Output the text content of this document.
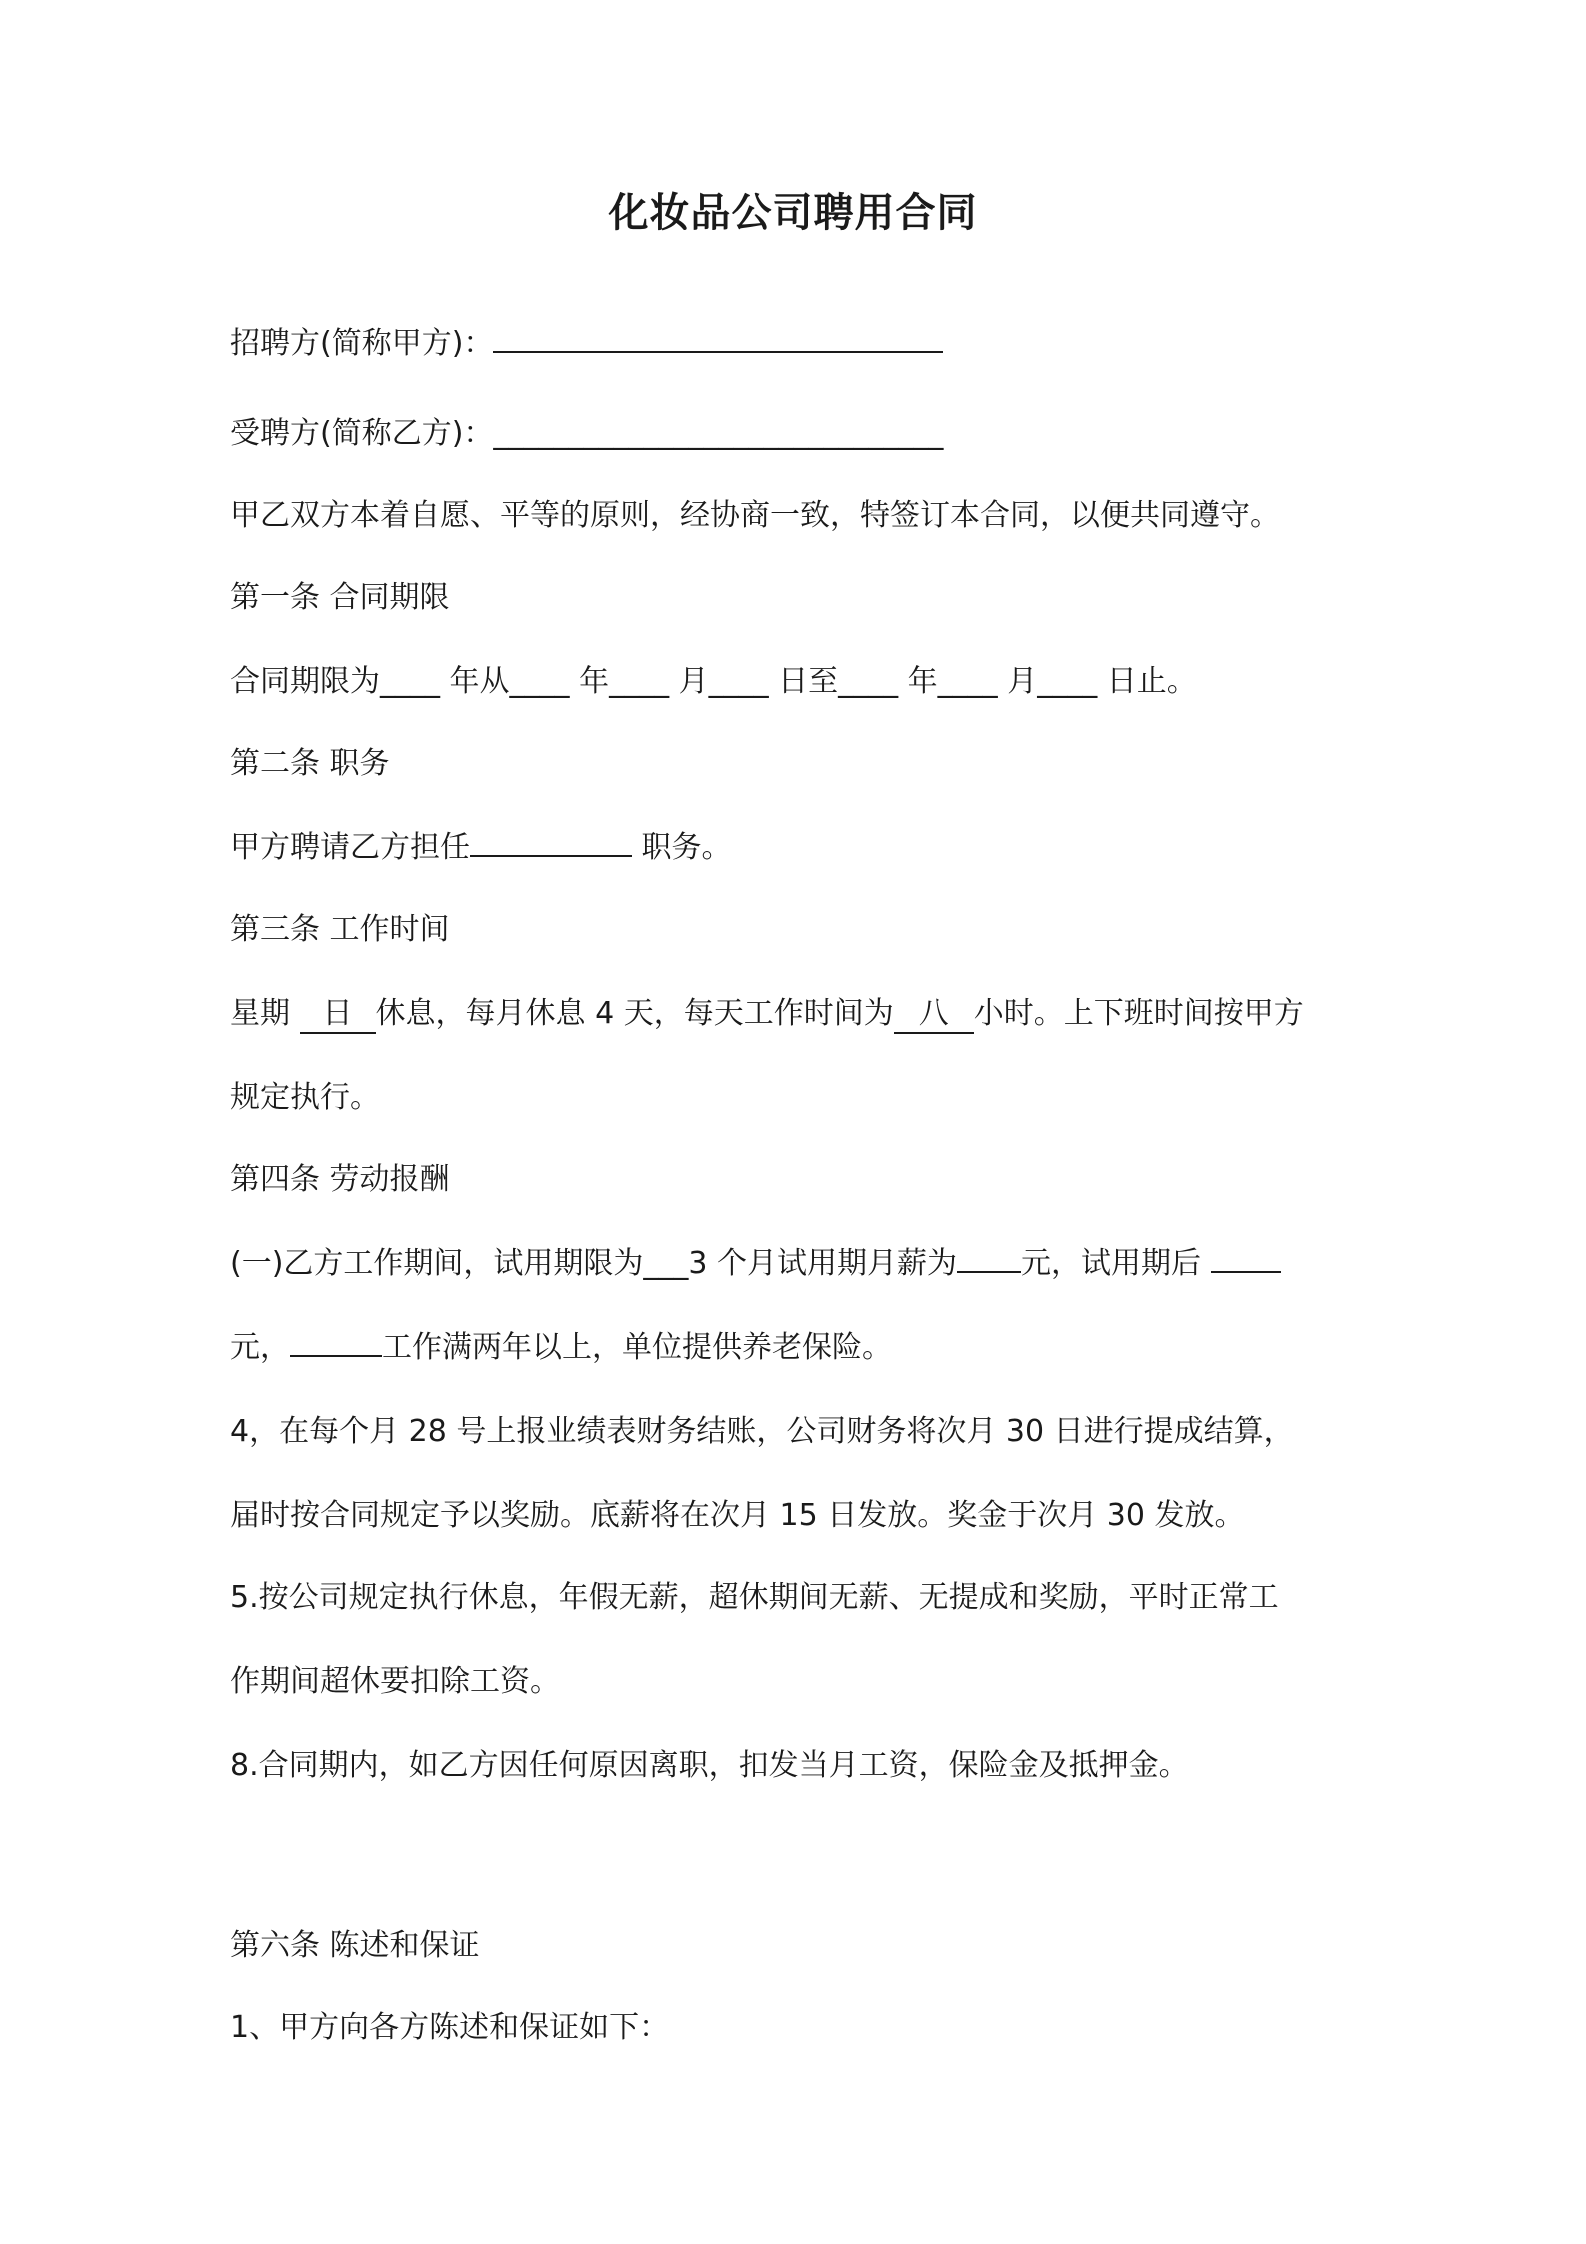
化妆品公司聘用合同

招聘方(简称甲方)：

受聘方(简称乙方)：______________________________

甲乙双方本着自愿、平等的原则，经协商一致，特签订本合同，以便共同遵守。

第一条 合同期限

合同期限为____ 年从____ 年____ 月____ 日至____ 年____ 月____ 日止。

第二条 职务

甲方聘请乙方担任	职务。

第三条 工作时间

星期 日 休息，每月休息 4 天，每天工作时间为 八 小时。上下班时间按甲方

规定执行。

第四条 劳动报酬

(一)乙方工作期间，试用期限为___3 个月试用期月薪为 元，试用期后

元，	工作满两年以上，单位提供养老保险。

4，在每个月 28 号上报业绩表财务结账，公司财务将次月 30 日进行提成结算，

届时按合同规定予以奖励。底薪将在次月 15 日发放。奖金于次月 30 发放。

5.按公司规定执行休息，年假无薪，超休期间无薪、无提成和奖励，平时正常工

作期间超休要扣除工资。

8.合同期内，如乙方因任何原因离职，扣发当月工资，保险金及抵押金。

第六条 陈述和保证

1、甲方向各方陈述和保证如下：
